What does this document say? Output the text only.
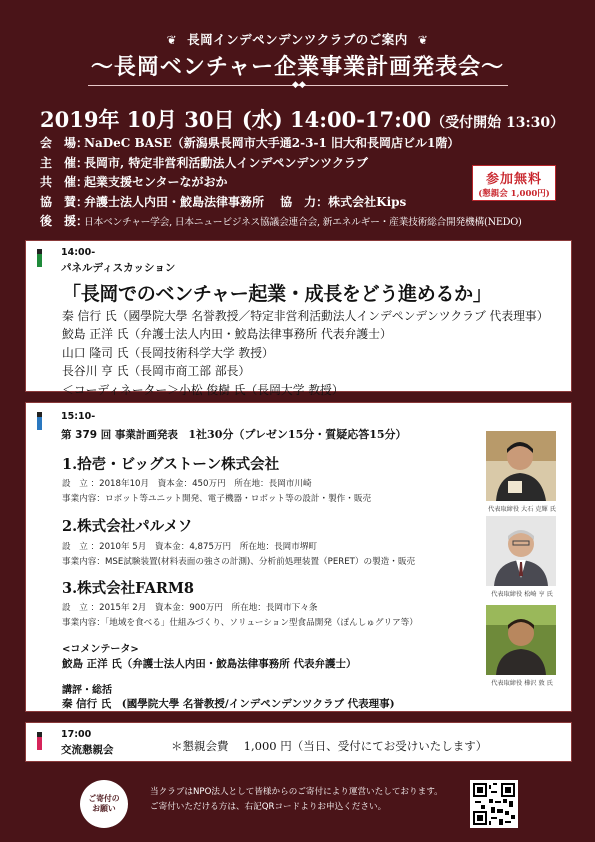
❦ 長岡インデペンデンツクラブのご案内 ❦
～長岡ベンチャー企業事業計画発表会～
◆◆
2019年 10月 30日 (水) 14:00-17:00（受付開始 13:30）
会　場：NaDeC BASE（新潟県長岡市大手通2-3-1 旧大和長岡店ビル1階）
主　催：長岡市, 特定非営利活動法人インデペンデンツクラブ
共　催：起業支援センターながおか
協　賛：弁護士法人内田・鮫島法律事務所　 協　力：株式会社Kips
後　援：日本ベンチャー学会, 日本ニュービジネス協議会連合会, 新エネルギー・産業技術総合開発機構(NEDO)
参加無料
(懇親会 1,000円)
14:00-
パネルディスカッション
「長岡でのベンチャー起業・成長をどう進めるか」
秦 信行 氏（國學院大學 名誉教授／特定非営利活動法人インデペンデンツクラブ 代表理事）
鮫島 正洋 氏（弁護士法人内田・鮫島法律事務所 代表弁護士）
山口 隆司 氏（長岡技術科学大学 教授）
長谷川 亨 氏（長岡市商工部 部長）
＜コーディネーター＞小松 俊樹 氏（長岡大学 教授）
15:10-
第 379 回 事業計画発表　 1社30分（プレゼン15分・質疑応答15分）
1.拾壱・ビッグストーン株式会社
設　立 ：2018年10月　資本金：450万円　所在地：長岡市川崎
事業内容：ロボット等ユニット開発、電子機器・ロボット等の設計・製作・販売
2.株式会社パルメソ
設　立 ：2010年 5月　資本金：4,875万円　所在地：長岡市堺町
事業内容：MSE試験装置(材料表面の強さの計測)、分析前処理装置（PERET）の製造・販売
3.株式会社FARM8
設　立 ：2015年 2月　資本金：900万円　所在地：長岡市下々条
事業内容：「地域を食べる」仕組みづくり、ソリューション型食品開発（ぽんしゅグリア等）
<コメンテータ>
鮫島 正洋 氏（弁護士法人内田・鮫島法律事務所 代表弁護士）
講評・総括
秦 信行 氏　(國學院大學 名誉教授/インデペンデンツクラブ 代表理事)
代表取締役 大石 克輝 氏
代表取締役 松崎 亨 氏
代表取締役 樺沢 敦 氏
17:00
交流懇親会	＊懇親会費　 1,000 円（当日、受付にてお受けいたします）
ご寄付の
お願い
当クラブはNPO法人として皆様からのご寄付により運営いたしております。
ご寄付いただける方は、右記QRコードよりお申込ください。
